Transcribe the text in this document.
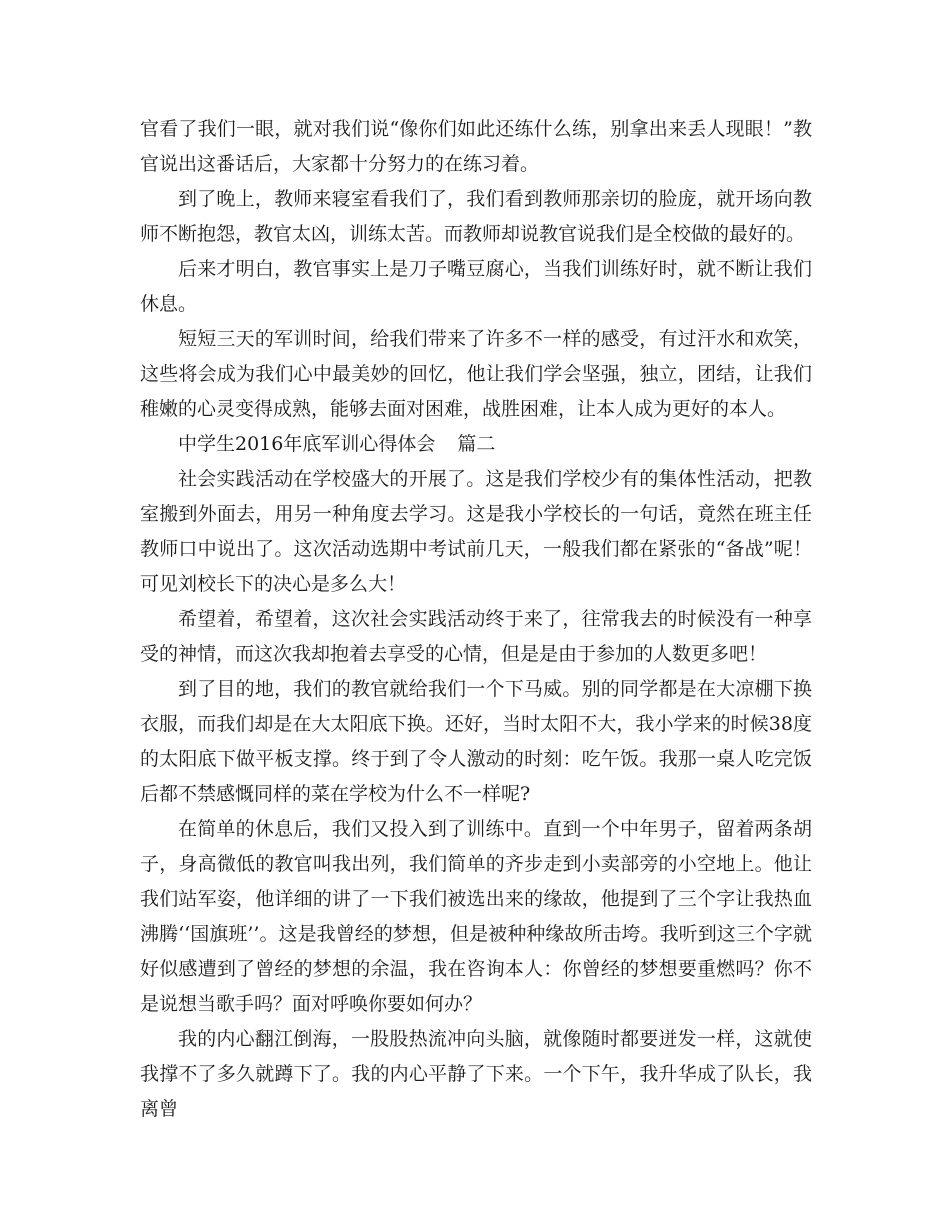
官看了我们一眼，就对我们说“像你们如此还练什么练，别拿出来丢人现眼！”教官说出这番话后，大家都十分努力的在练习着。

到了晚上，教师来寝室看我们了，我们看到教师那亲切的脸庞，就开场向教师不断抱怨，教官太凶，训练太苦。而教师却说教官说我们是全校做的最好的。

后来才明白，教官事实上是刀子嘴豆腐心，当我们训练好时，就不断让我们休息。

短短三天的军训时间，给我们带来了许多不一样的感受，有过汗水和欢笑，这些将会成为我们心中最美妙的回忆，他让我们学会坚强，独立，团结，让我们稚嫩的心灵变得成熟，能够去面对困难，战胜困难，让本人成为更好的本人。

中学生2016年底军训心得体会 篇二

社会实践活动在学校盛大的开展了。这是我们学校少有的集体性活动，把教室搬到外面去，用另一种角度去学习。这是我小学校长的一句话，竟然在班主任教师口中说出了。这次活动选期中考试前几天，一般我们都在紧张的“备战”呢！可见刘校长下的决心是多么大！

希望着，希望着，这次社会实践活动终于来了，往常我去的时候没有一种享受的神情，而这次我却抱着去享受的心情，但是是由于参加的人数更多吧！

到了目的地，我们的教官就给我们一个下马威。别的同学都是在大凉棚下换衣服，而我们却是在大太阳底下换。还好，当时太阳不大，我小学来的时候38度的太阳底下做平板支撑。终于到了令人激动的时刻：吃午饭。我那一桌人吃完饭后都不禁感慨同样的菜在学校为什么不一样呢?

在简单的休息后，我们又投入到了训练中。直到一个中年男子，留着两条胡子，身高微低的教官叫我出列，我们简单的齐步走到小卖部旁的小空地上。他让我们站军姿，他详细的讲了一下我们被选出来的缘故，他提到了三个字让我热血沸腾‘‘国旗班’’。这是我曾经的梦想，但是被种种缘故所击垮。我听到这三个字就好似感遭到了曾经的梦想的余温，我在咨询本人：你曾经的梦想要重燃吗？你不是说想当歌手吗？面对呼唤你要如何办？

我的内心翻江倒海，一股股热流冲向头脑，就像随时都要迸发一样，这就使我撑不了多久就蹲下了。我的内心平静了下来。一个下午，我升华成了队长，我离曾
